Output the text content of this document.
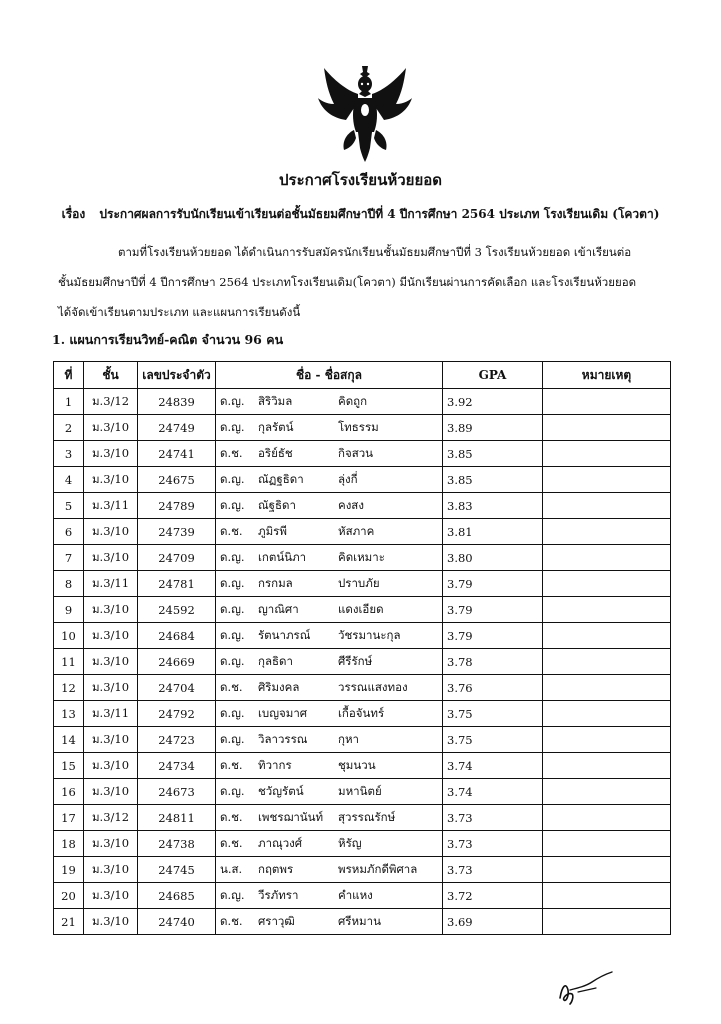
ประกาศโรงเรียนห้วยยอด
เรื่อง ประกาศผลการรับนักเรียนเข้าเรียนต่อชั้นมัธยมศึกษาปีที่ 4 ปีการศึกษา 2564 ประเภท โรงเรียนเดิม (โควตา)
ตามที่โรงเรียนห้วยยอด ได้ดำเนินการรับสมัครนักเรียนชั้นมัธยมศึกษาปีที่ 3 โรงเรียนห้วยยอด เข้าเรียนต่อ
ชั้นมัธยมศึกษาปีที่ 4 ปีการศึกษา 2564 ประเภทโรงเรียนเดิม(โควตา) มีนักเรียนผ่านการคัดเลือก และโรงเรียนห้วยยอด
ได้จัดเข้าเรียนตามประเภท และแผนการเรียนดังนี้
1. แผนการเรียนวิทย์-คณิต จำนวน 96 คน
ที่	ชั้น	เลขประจำตัว	ชื่อ - ชื่อสกุล	GPA	หมายเหตุ
1	ม.3/12	24839	ด.ญ. สิริวิมล คิดถูก	3.92	
2	ม.3/10	24749	ด.ญ. กุลรัตน์ โทธรรม	3.89	
3	ม.3/10	24741	ด.ช. อริย์ธัช กิจสวน	3.85	
4	ม.3/10	24675	ด.ญ. ณัฏฐธิดา ลุ่งกี่	3.85	
5	ม.3/11	24789	ด.ญ. ณัฐธิดา คงสง	3.83	
6	ม.3/10	24739	ด.ช. ภูมิรพี หัสภาค	3.81	
7	ม.3/10	24709	ด.ญ. เกตน์นิภา คิดเหมาะ	3.80	
8	ม.3/11	24781	ด.ญ. กรกมล ปราบภัย	3.79	
9	ม.3/10	24592	ด.ญ. ญาณิศา แดงเอียด	3.79	
10	ม.3/10	24684	ด.ญ. รัตนาภรณ์ วัชรมานะกุล	3.79	
11	ม.3/10	24669	ด.ญ. กุลธิดา ศีรีรักษ์	3.78	
12	ม.3/10	24704	ด.ช. ศิริมงคล วรรณแสงทอง	3.76	
13	ม.3/11	24792	ด.ญ. เบญจมาศ เกื้อจันทร์	3.75	
14	ม.3/10	24723	ด.ญ. วิลาวรรณ กุหา	3.75	
15	ม.3/10	24734	ด.ช. ทิวากร ชุมนวน	3.74	
16	ม.3/10	24673	ด.ญ. ชวัญรัตน์ มหานิตย์	3.74	
17	ม.3/12	24811	ด.ช. เพชรฌานันท์ สุวรรณรักษ์	3.73	
18	ม.3/10	24738	ด.ช. ภาณุวงศ์ หิรัญ	3.73	
19	ม.3/10	24745	น.ส. กฤตพร พรหมภักดีพิศาล	3.73	
20	ม.3/10	24685	ด.ญ. วีรภัทรา คำแหง	3.72	
21	ม.3/10	24740	ด.ช. ศราวุฒิ ศรีหมาน	3.69	
